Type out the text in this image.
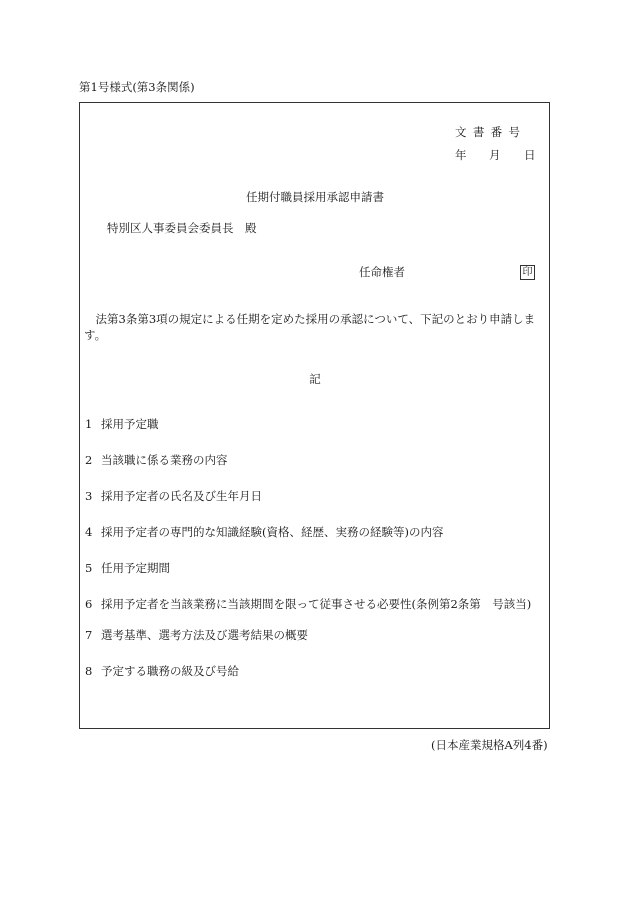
第1号様式(第3条関係)
文書番号
年 月 日
任期付職員採用承認申請書
特別区人事委員会委員長　殿
任命権者	印
法第3条第3項の規定による任期を定めた採用の承認について、下記のとおり申請します。
記
1 採用予定職
2 当該職に係る業務の内容
3 採用予定者の氏名及び生年月日
4 採用予定者の専門的な知識経験(資格、経歴、実務の経験等)の内容
5 任用予定期間
6 採用予定者を当該業務に当該期間を限って従事させる必要性(条例第2条第　号該当)
7 選考基準、選考方法及び選考結果の概要
8 予定する職務の級及び号給
(日本産業規格A列4番)
